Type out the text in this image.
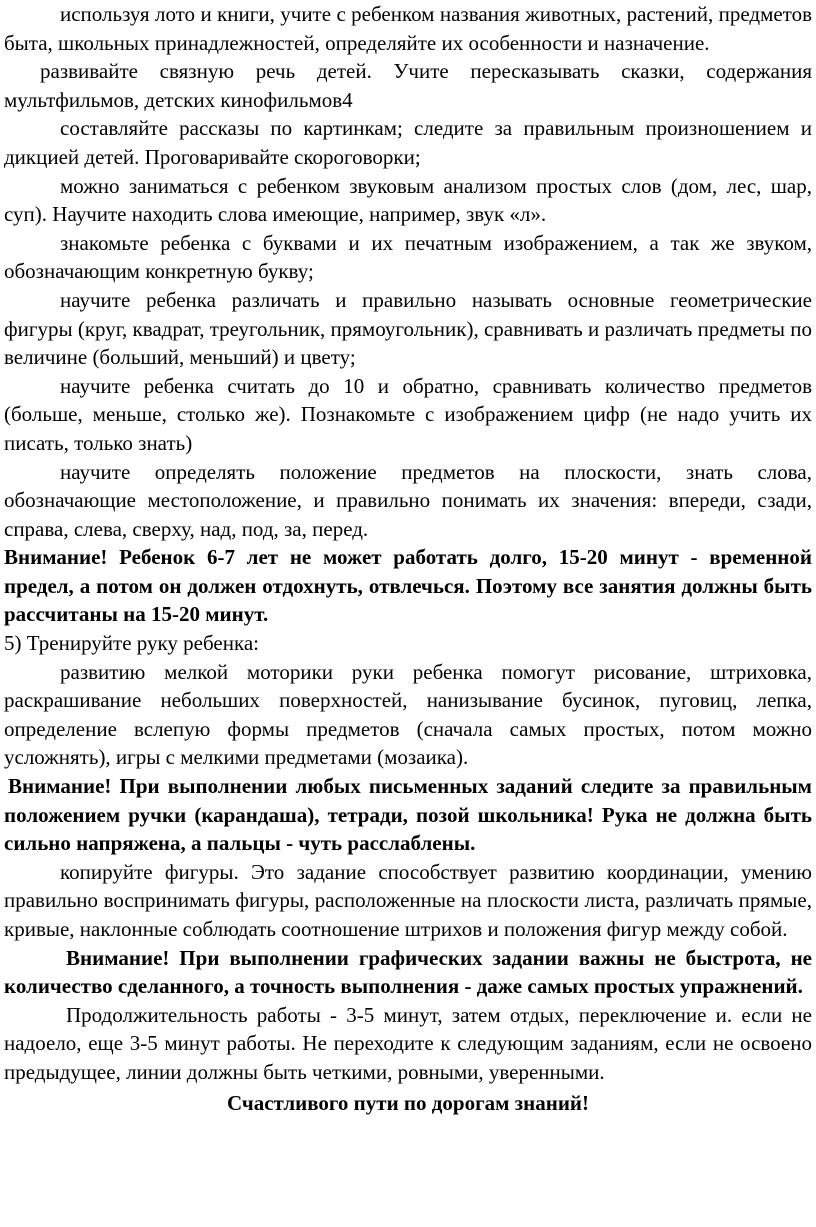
используя лото и книги, учите с ребенком названия животных, растений, предметов быта, школьных принадлежностей, определяйте их особенности и назначение.

развивайте связную речь детей. Учите пересказывать сказки, содержания мультфильмов, детских кинофильмов4

составляйте рассказы по картинкам; следите за правильным произношением и дикцией детей. Проговаривайте скороговорки;

можно заниматься с ребенком звуковым анализом простых слов (дом, лес, шар, суп). Научите находить слова имеющие, например, звук «л».

знакомьте ребенка с буквами и их печатным изображением, а так же звуком, обозначающим конкретную букву;

научите ребенка различать и правильно называть основные геометрические фигуры (круг, квадрат, треугольник, прямоугольник), сравнивать и различать предметы по величине (больший, меньший) и цвету;

научите ребенка считать до 10 и обратно, сравнивать количество предметов (больше, меньше, столько же). Познакомьте с изображением цифр (не надо учить их писать, только знать)

научите определять положение предметов на плоскости, знать слова, обозначающие местоположение, и правильно понимать их значения: впереди, сзади, справа, слева, сверху, над, под, за, перед.

Внимание! Ребенок 6-7 лет не может работать долго, 15-20 минут - временной предел, а потом он должен отдохнуть, отвлечься. Поэтому все занятия должны быть рассчитаны на 15-20 минут.

5) Тренируйте руку ребенка:

развитию мелкой моторики руки ребенка помогут рисование, штриховка, раскрашивание небольших поверхностей, нанизывание бусинок, пуговиц, лепка, определение вслепую формы предметов (сначала самых простых, потом можно усложнять), игры с мелкими предметами (мозаика).

Внимание! При выполнении любых письменных заданий следите за правильным положением ручки (карандаша), тетради, позой школьника! Рука не должна быть сильно напряжена, а пальцы - чуть расслаблены.

копируйте фигуры. Это задание способствует развитию координации, умению правильно воспринимать фигуры, расположенные на плоскости листа, различать прямые, кривые, наклонные соблюдать соотношение штрихов и положения фигур между собой.

Внимание! При выполнении графических задании важны не быстрота, не количество сделанного, а точность выполнения - даже самых простых упражнений.

Продолжительность работы - 3-5 минут, затем отдых, переключение и. если не надоело, еще 3-5 минут работы. Не переходите к следующим заданиям, если не освоено предыдущее, линии должны быть четкими, ровными, уверенными.

Счастливого пути по дорогам знаний!
